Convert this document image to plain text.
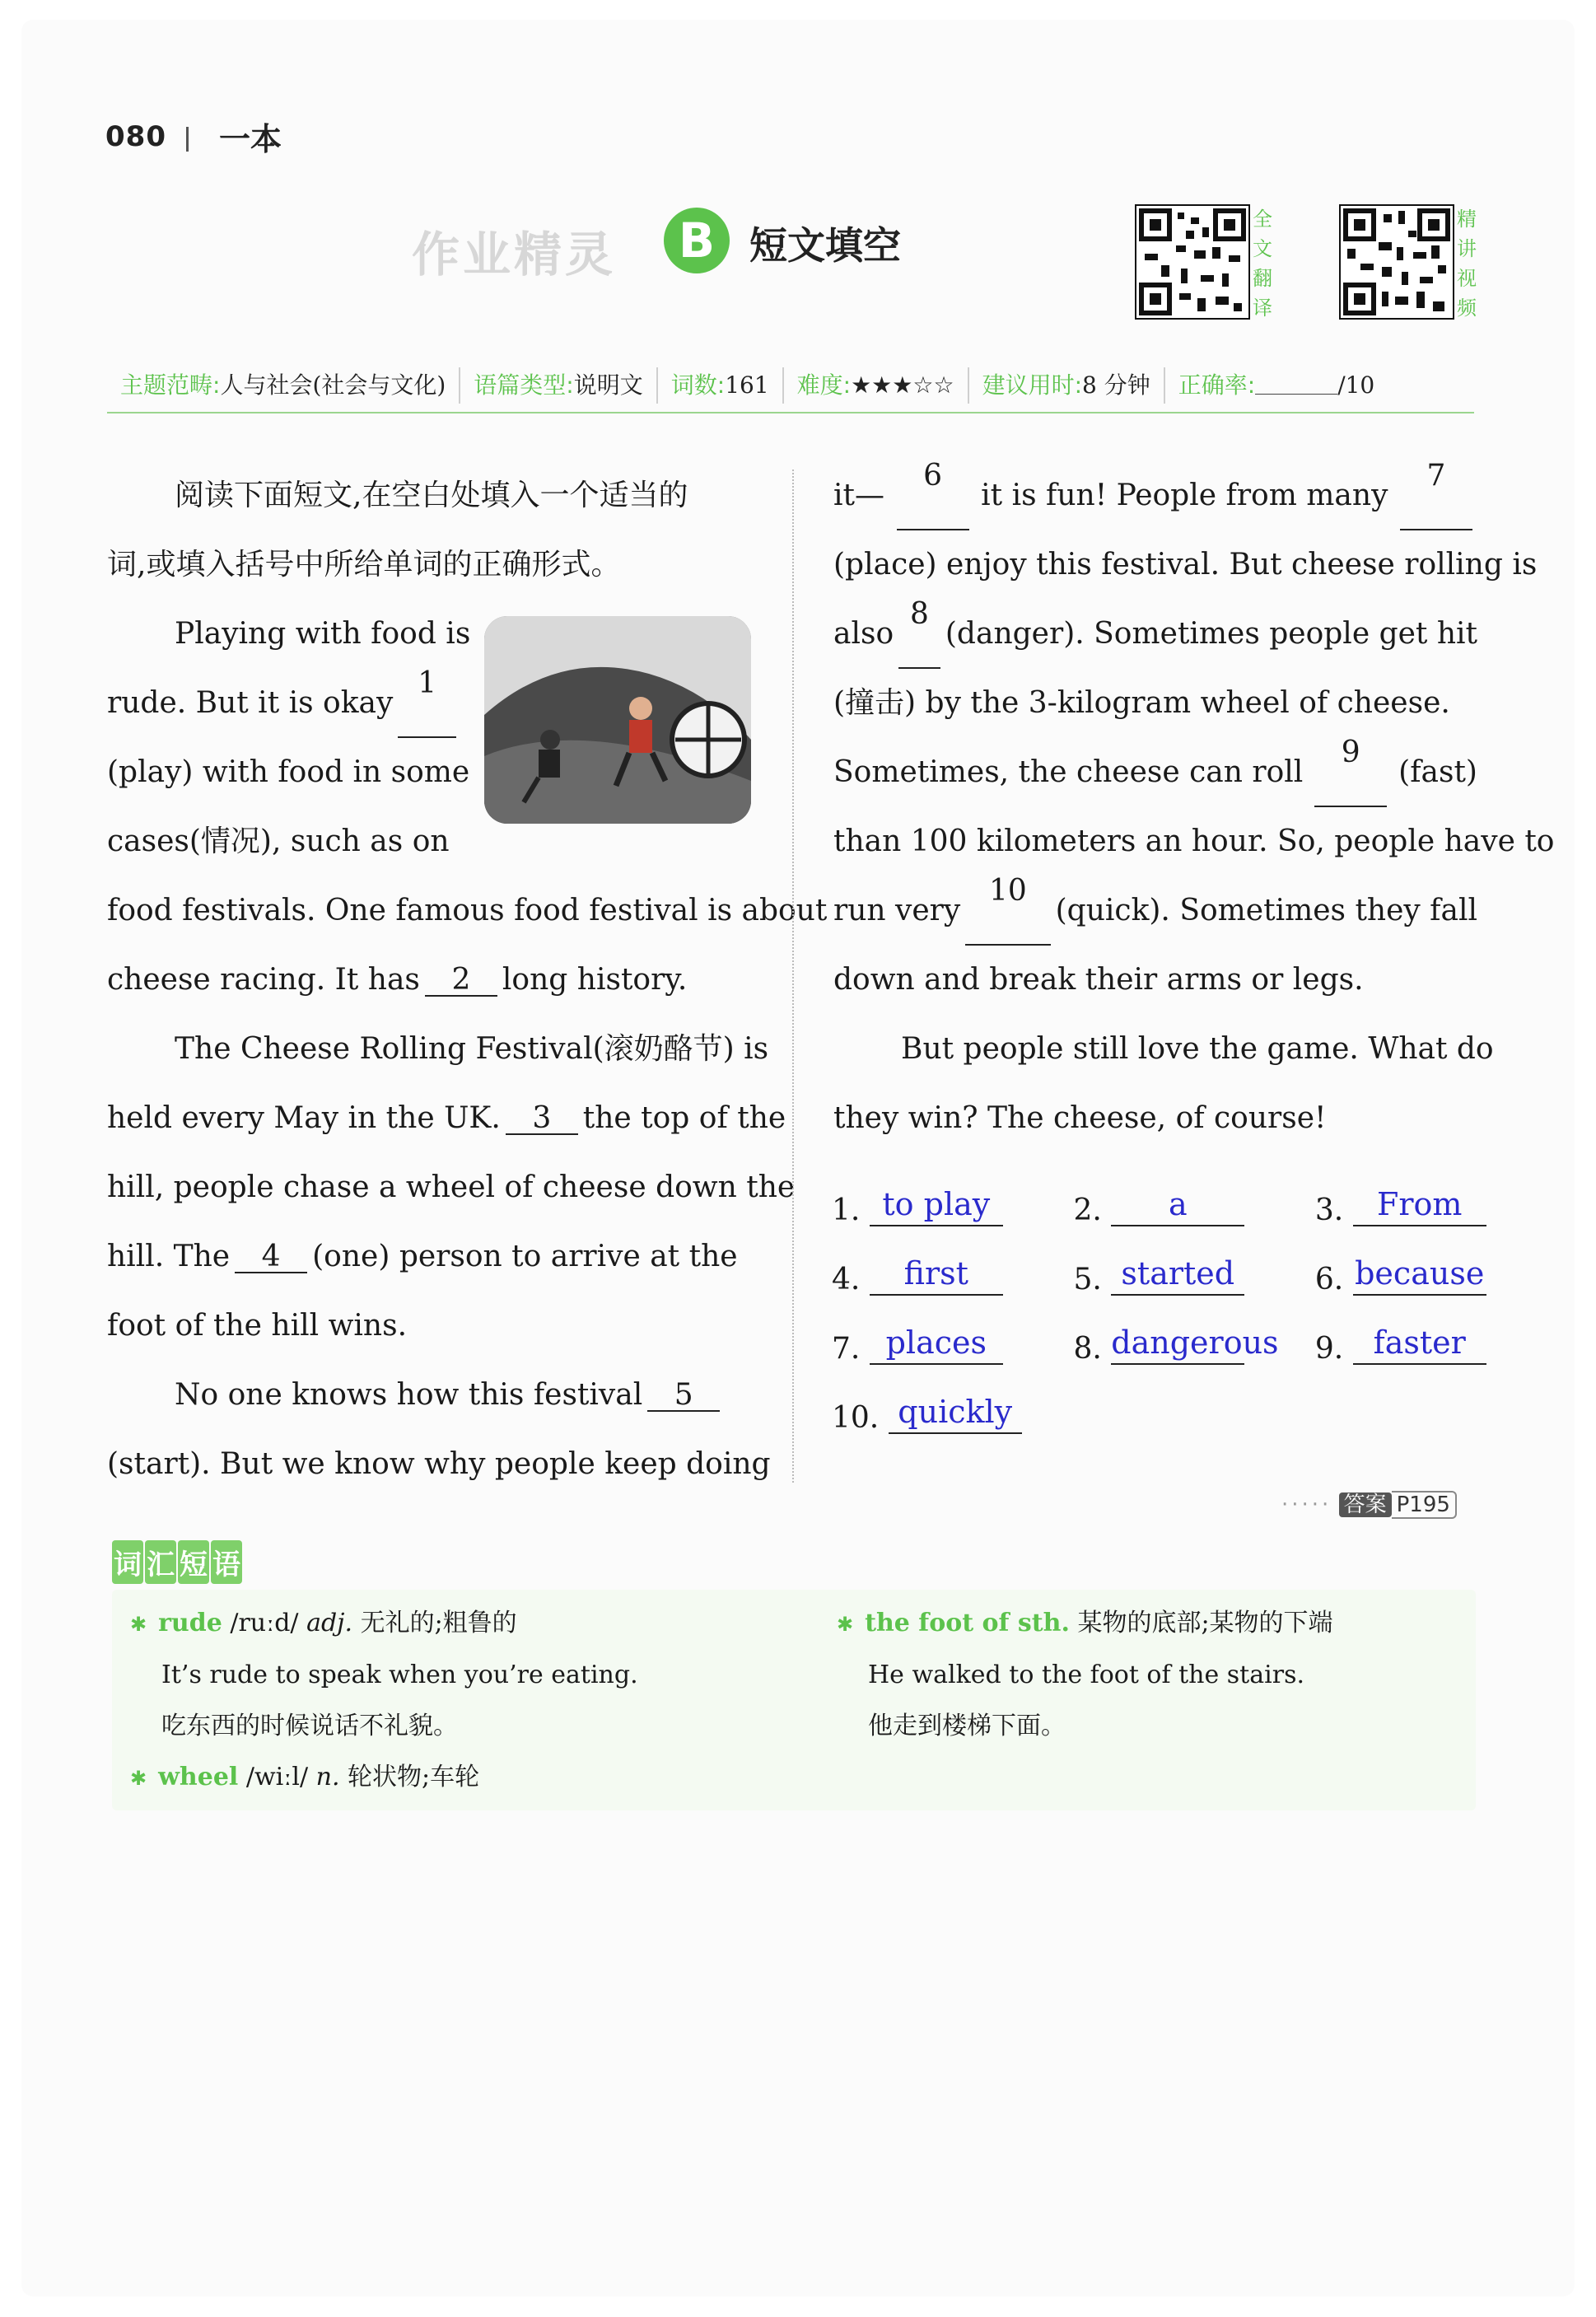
080 一本
作业精灵	B 短文填空
全文翻译
精讲视频
主题范畴:人与社会(社会与文化)	语篇类型:说明文	词数:161	难度:★★★☆☆	建议用时:8 分钟	正确率:	/10
阅读下面短文,在空白处填入一个适当的
词,或填入括号中所给单词的正确形式。
Playing with food is
rude. But it is okay
1
(play) with food in some
cases(情况), such as on
food festivals. One famous food festival is about
cheese racing. It has 2 long history.
The Cheese Rolling Festival(滚奶酪节) is
held every May in the UK. 3 the top of the
hill, people chase a wheel of cheese down the
hill. The 4 (one) person to arrive at the
foot of the hill wins.
No one knows how this festival 5
(start). But we know why people keep doing
it—
6
it is fun! People from many
7
(place) enjoy this festival. But cheese rolling is
also
8
(danger). Sometimes people get hit
(撞击) by the 3-kilogram wheel of cheese.
Sometimes, the cheese can roll
9
(fast)
than 100 kilometers an hour. So, people have to
run very
10
(quick). Sometimes they fall
down and break their arms or legs.
But people still love the game. What do
they win? The cheese, of course!
1. to play	2. a	3. From
4. first	5. started	6. because
7. places	8. dangerous 9. faster
10. quickly
····· 答案 P195
词 汇 短 语
✱ rude /ruːd/ adj. 无礼的;粗鲁的
It’s rude to speak when you’re eating.
吃东西的时候说话不礼貌。
✱ wheel /wiːl/ n. 轮状物;车轮
✱ the foot of sth. 某物的底部;某物的下端
He walked to the foot of the stairs.
他走到楼梯下面。
